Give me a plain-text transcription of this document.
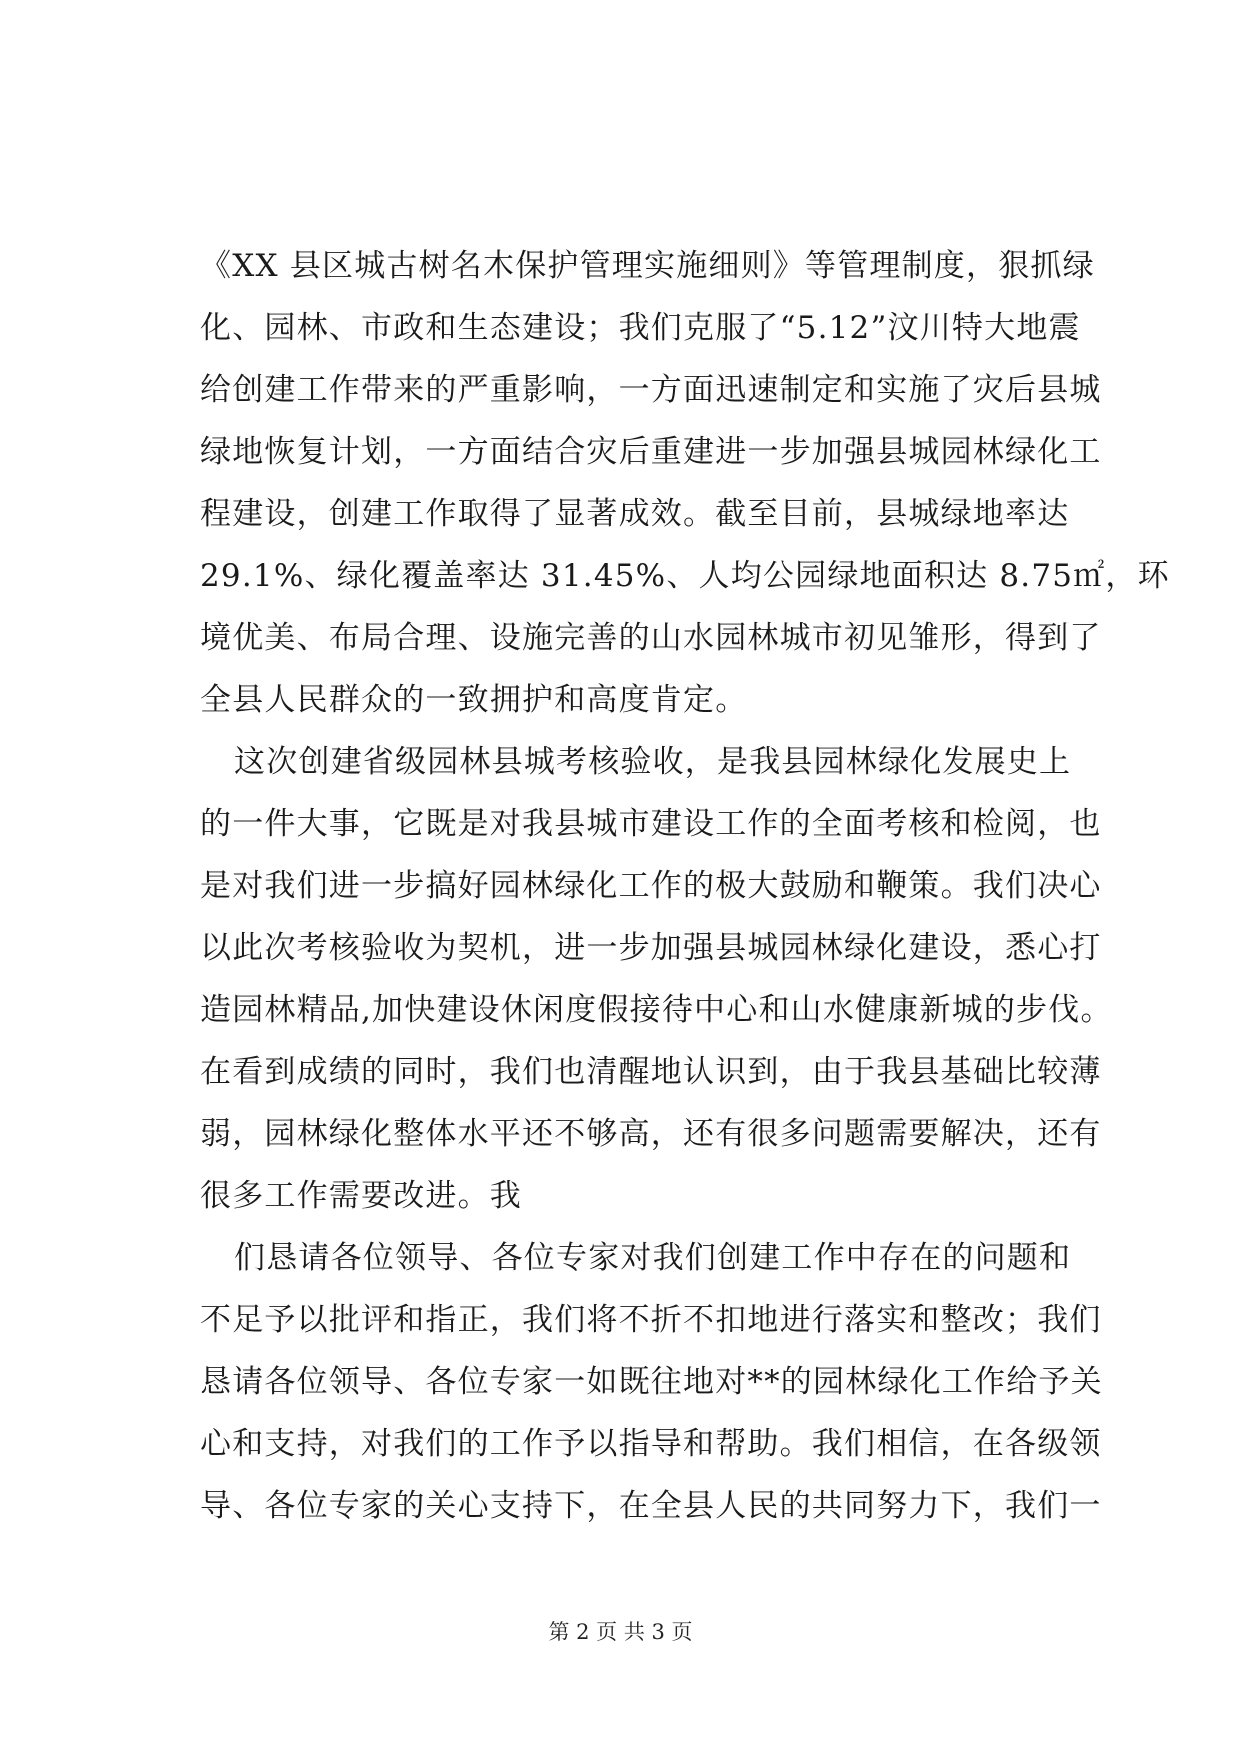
《XX 县区城古树名木保护管理实施细则》等管理制度，狠抓绿
化、园林、市政和生态建设；我们克服了“5.12”汶川特大地震
给创建工作带来的严重影响，一方面迅速制定和实施了灾后县城
绿地恢复计划，一方面结合灾后重建进一步加强县城园林绿化工
程建设，创建工作取得了显著成效。截至目前，县城绿地率达
29.1%、绿化覆盖率达 31.45%、人均公园绿地面积达 8.75㎡，环
境优美、布局合理、设施完善的山水园林城市初见雏形，得到了
全县人民群众的一致拥护和高度肯定。
这次创建省级园林县城考核验收，是我县园林绿化发展史上
的一件大事，它既是对我县城市建设工作的全面考核和检阅，也
是对我们进一步搞好园林绿化工作的极大鼓励和鞭策。我们决心
以此次考核验收为契机，进一步加强县城园林绿化建设，悉心打
造园林精品,加快建设休闲度假接待中心和山水健康新城的步伐。
在看到成绩的同时，我们也清醒地认识到，由于我县基础比较薄
弱，园林绿化整体水平还不够高，还有很多问题需要解决，还有
很多工作需要改进。我
们恳请各位领导、各位专家对我们创建工作中存在的问题和
不足予以批评和指正，我们将不折不扣地进行落实和整改；我们
恳请各位领导、各位专家一如既往地对**的园林绿化工作给予关
心和支持，对我们的工作予以指导和帮助。我们相信，在各级领
导、各位专家的关心支持下，在全县人民的共同努力下，我们一
第 2 页 共 3 页
